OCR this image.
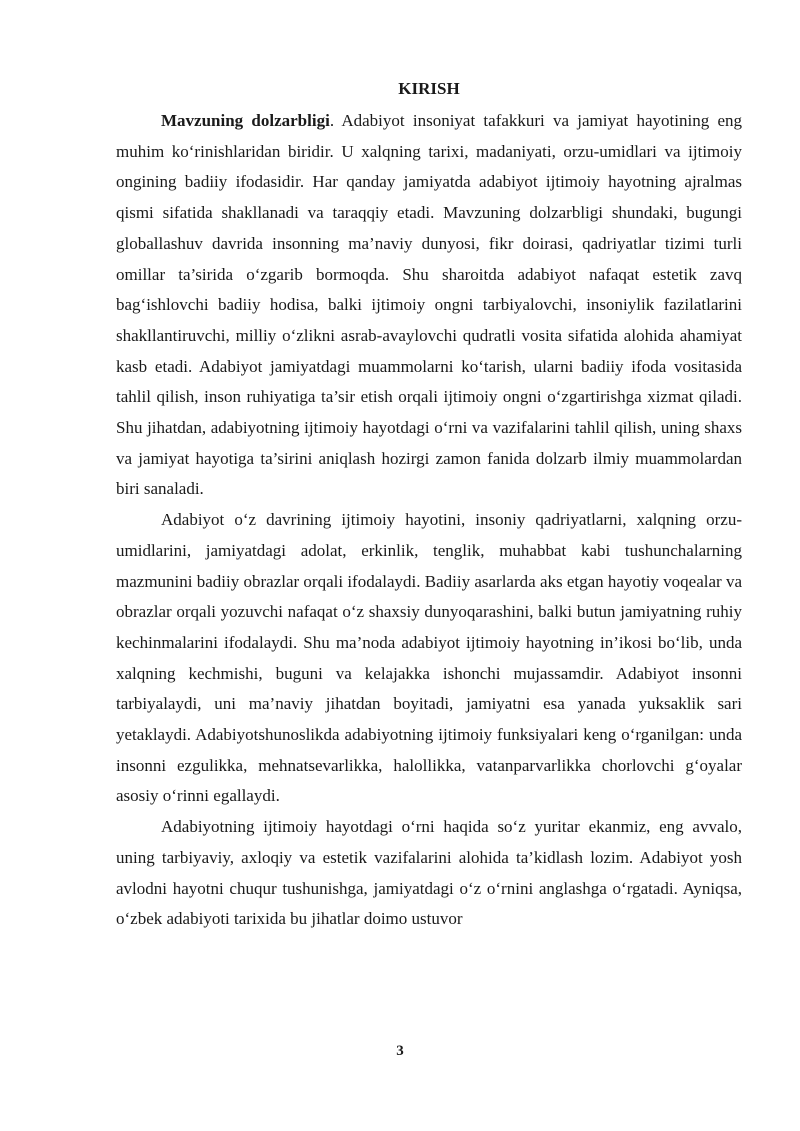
KIRISH

Mavzuning dolzarbligi. Adabiyot insoniyat tafakkuri va jamiyat hayotining eng muhim ko‘rinishlaridan biridir. U xalqning tarixi, madaniyati, orzu-umidlari va ijtimoiy ongining badiiy ifodasidir. Har qanday jamiyatda adabiyot ijtimoiy hayotning ajralmas qismi sifatida shakllanadi va taraqqiy etadi. Mavzuning dolzarbligi shundaki, bugungi globallashuv davrida insonning ma’naviy dunyosi, fikr doirasi, qadriyatlar tizimi turli omillar ta’sirida o‘zgarib bormoqda. Shu sharoitda adabiyot nafaqat estetik zavq bag‘ishlovchi badiiy hodisa, balki ijtimoiy ongni tarbiyalovchi, insoniylik fazilatlarini shakllantiruvchi, milliy o‘zlikni asrab-avaylovchi qudratli vosita sifatida alohida ahamiyat kasb etadi. Adabiyot jamiyatdagi muammolarni ko‘tarish, ularni badiiy ifoda vositasida tahlil qilish, inson ruhiyatiga ta’sir etish orqali ijtimoiy ongni o‘zgartirishga xizmat qiladi. Shu jihatdan, adabiyotning ijtimoiy hayotdagi o‘rni va vazifalarini tahlil qilish, uning shaxs va jamiyat hayotiga ta’sirini aniqlash hozirgi zamon fanida dolzarb ilmiy muammolardan biri sanaladi.

Adabiyot o‘z davrining ijtimoiy hayotini, insoniy qadriyatlarni, xalqning orzu-umidlarini, jamiyatdagi adolat, erkinlik, tenglik, muhabbat kabi tushunchalarning mazmunini badiiy obrazlar orqali ifodalaydi. Badiiy asarlarda aks etgan hayotiy voqealar va obrazlar orqali yozuvchi nafaqat o‘z shaxsiy dunyoqarashini, balki butun jamiyatning ruhiy kechinmalarini ifodalaydi. Shu ma’noda adabiyot ijtimoiy hayotning in’ikosi bo‘lib, unda xalqning kechmishi, buguni va kelajakka ishonchi mujassamdir. Adabiyot insonni tarbiyalaydi, uni ma’naviy jihatdan boyitadi, jamiyatni esa yanada yuksaklik sari yetaklaydi. Adabiyotshunoslikda adabiyotning ijtimoiy funksiyalari keng o‘rganilgan: unda insonni ezgulikka, mehnatsevarlikka, halollikka, vatanparvarlikka chorlovchi g‘oyalar asosiy o‘rinni egallaydi.

Adabiyotning ijtimoiy hayotdagi o‘rni haqida so‘z yuritar ekanmiz, eng avvalo, uning tarbiyaviy, axloqiy va estetik vazifalarini alohida ta’kidlash lozim. Adabiyot yosh avlodni hayotni chuqur tushunishga, jamiyatdagi o‘z o‘rnini anglashga o‘rgatadi. Ayniqsa, o‘zbek adabiyoti tarixida bu jihatlar doimo ustuvor

3
